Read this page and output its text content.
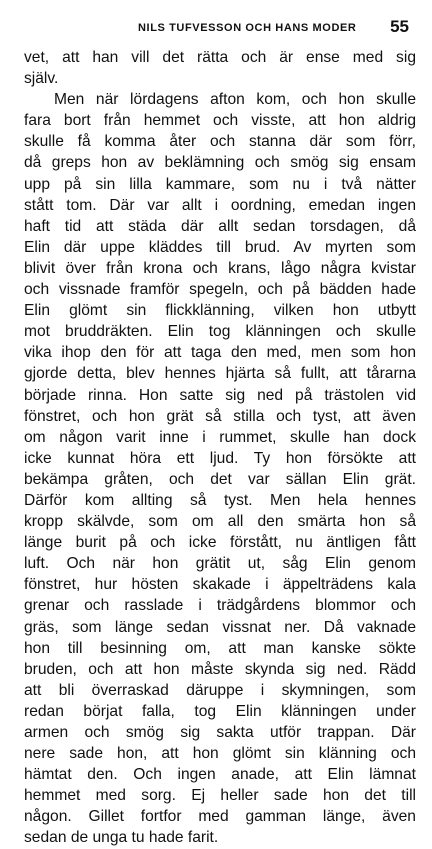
NILS TUFVESSON OCH HANS MODER 55
vet, att han vill det rätta och är ense med sig
själv.
Men när lördagens afton kom, och hon skulle
fara bort från hemmet och visste, att hon aldrig
skulle få komma åter och stanna där som förr,
då greps hon av beklämning och smög sig ensam
upp på sin lilla kammare, som nu i två nätter
stått tom. Där var allt i oordning, emedan ingen
haft tid att städa där allt sedan torsdagen, då
Elin där uppe kläddes till brud. Av myrten som
blivit över från krona och krans, lågo några kvistar
och vissnade framför spegeln, och på bädden hade
Elin glömt sin flickklänning, vilken hon utbytt
mot bruddräkten. Elin tog klänningen och skulle
vika ihop den för att taga den med, men som hon
gjorde detta, blev hennes hjärta så fullt, att tårarna
började rinna. Hon satte sig ned på trästolen vid
fönstret, och hon grät så stilla och tyst, att även
om någon varit inne i rummet, skulle han dock
icke kunnat höra ett ljud. Ty hon försökte att
bekämpa gråten, och det var sällan Elin grät.
Därför kom allting så tyst. Men hela hennes
kropp skälvde, som om all den smärta hon så
länge burit på och icke förstått, nu äntligen fått
luft. Och när hon grätit ut, såg Elin genom
fönstret, hur hösten skakade i äppelträdens kala
grenar och rasslade i trädgårdens blommor och
gräs, som länge sedan vissnat ner. Då vaknade
hon till besinning om, att man kanske sökte
bruden, och att hon måste skynda sig ned. Rädd
att bli överraskad däruppe i skymningen, som
redan börjat falla, tog Elin klänningen under
armen och smög sig sakta utför trappan. Där
nere sade hon, att hon glömt sin klänning och
hämtat den. Och ingen anade, att Elin lämnat
hemmet med sorg. Ej heller sade hon det till
någon. Gillet fortfor med gamman länge, även
sedan de unga tu hade farit.
